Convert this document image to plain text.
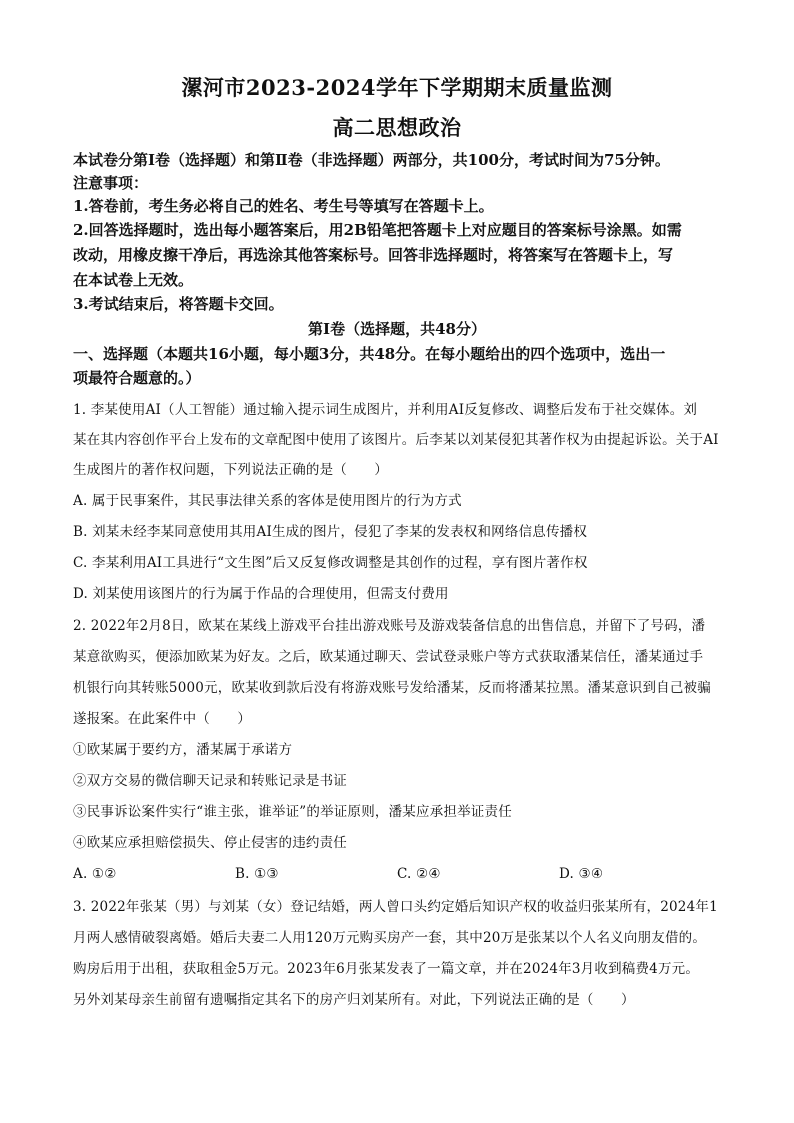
漯河市2023-2024学年下学期期末质量监测
高二思想政治
本试卷分第Ⅰ卷（选择题）和第Ⅱ卷（非选择题）两部分，共100分，考试时间为75分钟。
注意事项：
1.答卷前，考生务必将自己的姓名、考生号等填写在答题卡上。
2.回答选择题时，选出每小题答案后，用2B铅笔把答题卡上对应题目的答案标号涂黑。如需
改动，用橡皮擦干净后，再选涂其他答案标号。回答非选择题时，将答案写在答题卡上，写
在本试卷上无效。
3.考试结束后，将答题卡交回。
第Ⅰ卷（选择题，共48分）
一、选择题（本题共16小题，每小题3分，共48分。在每小题给出的四个选项中，选出一
项最符合题意的。）
1. 李某使用AI（人工智能）通过输入提示词生成图片，并利用AI反复修改、调整后发布于社交媒体。刘
某在其内容创作平台上发布的文章配图中使用了该图片。后李某以刘某侵犯其著作权为由提起诉讼。关于AI
生成图片的著作权问题，下列说法正确的是（　　）
A. 属于民事案件，其民事法律关系的客体是使用图片的行为方式
B. 刘某未经李某同意使用其用AI生成的图片，侵犯了李某的发表权和网络信息传播权
C. 李某利用AI工具进行“文生图”后又反复修改调整是其创作的过程，享有图片著作权
D. 刘某使用该图片的行为属于作品的合理使用，但需支付费用
2. 2022年2月8日，欧某在某线上游戏平台挂出游戏账号及游戏装备信息的出售信息，并留下了号码，潘
某意欲购买，便添加欧某为好友。之后，欧某通过聊天、尝试登录账户等方式获取潘某信任，潘某通过手
机银行向其转账5000元，欧某收到款后没有将游戏账号发给潘某，反而将潘某拉黑。潘某意识到自己被骗
遂报案。在此案件中（　　）
①欧某属于要约方，潘某属于承诺方
②双方交易的微信聊天记录和转账记录是书证
③民事诉讼案件实行“谁主张，谁举证”的举证原则，潘某应承担举证责任
④欧某应承担赔偿损失、停止侵害的违约责任
A. ①②	B. ①③	C. ②④	D. ③④
3. 2022年张某（男）与刘某（女）登记结婚，两人曾口头约定婚后知识产权的收益归张某所有，2024年1
月两人感情破裂离婚。婚后夫妻二人用120万元购买房产一套，其中20万是张某以个人名义向朋友借的。
购房后用于出租，获取租金5万元。2023年6月张某发表了一篇文章，并在2024年3月收到稿费4万元。
另外刘某母亲生前留有遗嘱指定其名下的房产归刘某所有。对此，下列说法正确的是（　　）
